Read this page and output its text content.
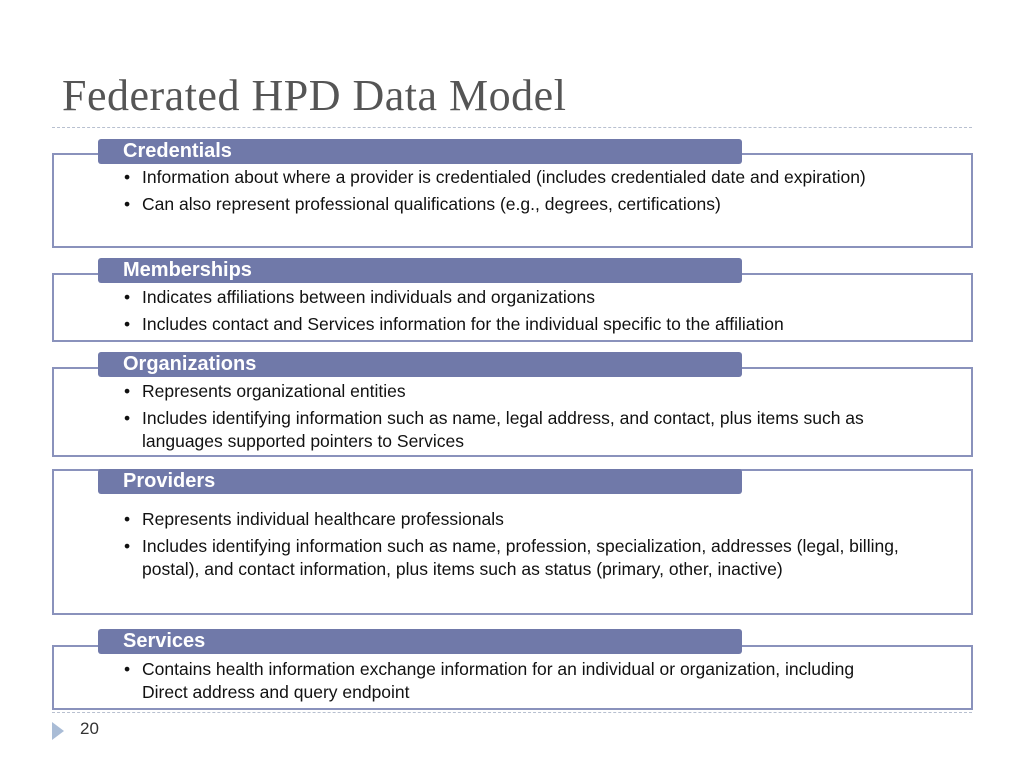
Federated HPD Data Model
Credentials
• Information about where a provider is credentialed (includes credentialed date and expiration)
• Can also represent professional qualifications (e.g., degrees, certifications)
Memberships
• Indicates affiliations between individuals and organizations
• Includes contact and Services information for the individual specific to the affiliation
Organizations
• Represents organizational entities
• Includes identifying information such as name, legal address, and contact, plus items such as languages supported pointers to Services
Providers
• Represents individual healthcare professionals
• Includes identifying information such as name, profession, specialization, addresses (legal, billing, postal), and contact information, plus items such as status (primary, other, inactive)
Services
• Contains health information exchange information for an individual or organization, including Direct address and query endpoint
20
